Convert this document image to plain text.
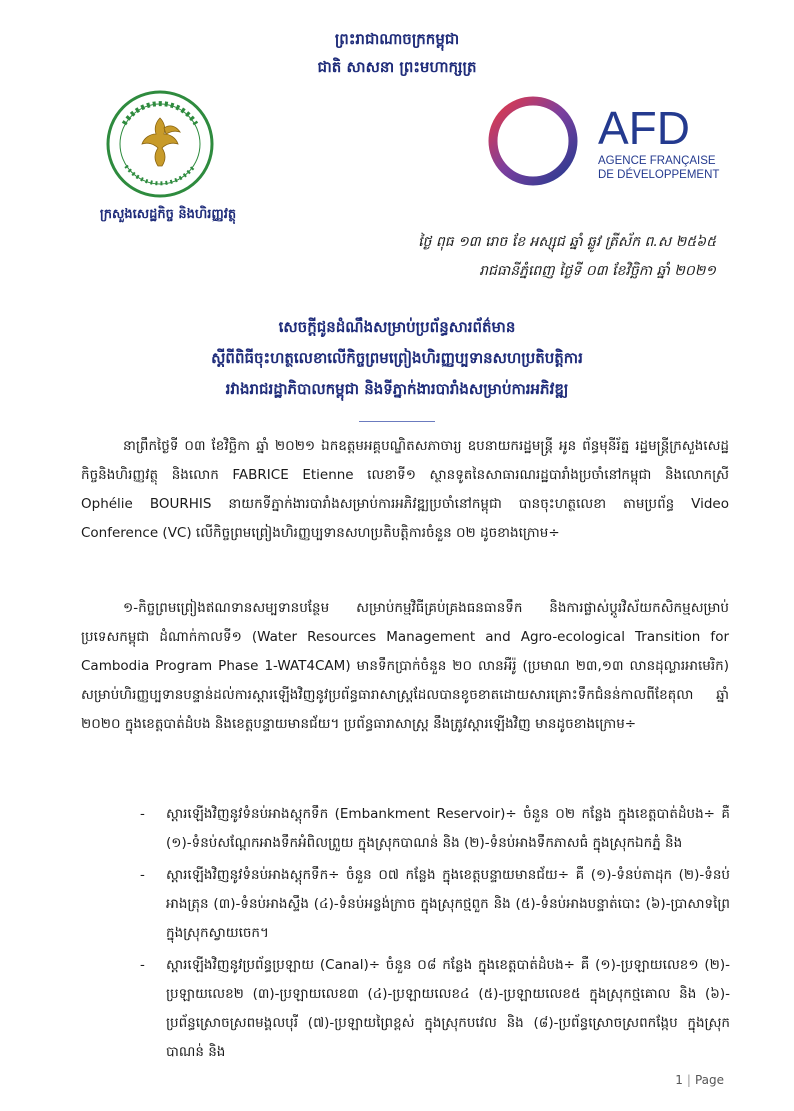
ព្រះរាជាណាចក្រកម្ពុជា
ជាតិ សាសនា ព្រះមហាក្សត្រ
ក្រសួងសេដ្ឋកិច្ច និងហិរញ្ញវត្ថុ
AFD
AGENCE FRANÇAISE
DE DÉVELOPPEMENT
ថ្ងៃ ពុធ ១៣ រោច ខែ អស្សុជ ឆ្នាំ ឆ្លូវ ត្រីស័ក ព.ស ២៥៦៥
រាជធានីភ្នំពេញ ថ្ងៃទី ០៣ ខែវិច្ឆិកា ឆ្នាំ ២០២១
សេចក្តីជូនដំណឹងសម្រាប់ប្រព័ន្ធសារព័ត៌មាន
ស្តីពីពិធីចុះហត្ថលេខាលើកិច្ចព្រមព្រៀងហិរញ្ញប្បទានសហប្រតិបត្តិការ
រវាងរាជរដ្ឋាភិបាលកម្ពុជា និងទីភ្នាក់ងារបារាំងសម្រាប់ការអភិវឌ្ឍ
នាព្រឹកថ្ងៃទី ០៣ ខែវិច្ឆិកា ឆ្នាំ ២០២១ ឯកឧត្តមអគ្គបណ្ឌិតសភាចារ្យ ឧបនាយករដ្ឋមន្ត្រី អូន ព័ន្ធមុនីរ័ត្ន រដ្ឋមន្ត្រីក្រសួងសេដ្ឋកិច្ចនិងហិរញ្ញវត្ថុ និងលោក FABRICE Etienne លេខាទី១ ស្ថានទូតនៃសាធារណរដ្ឋបារាំងប្រចាំនៅកម្ពុជា និងលោកស្រី Ophélie BOURHIS នាយកទីភ្នាក់ងារបារាំងសម្រាប់ការអភិវឌ្ឍប្រចាំនៅកម្ពុជា បានចុះហត្ថលេខា តាមប្រព័ន្ធ Video Conference (VC) លើកិច្ចព្រមព្រៀងហិរញ្ញប្បទានសហប្រតិបត្តិការចំនួន ០២ ដូចខាងក្រោម÷
១-កិច្ចព្រមព្រៀងឥណទានសម្បទានបន្ថែម សម្រាប់កម្មវិធីគ្រប់គ្រងធនធានទឹក និងការផ្លាស់ប្តូរវិស័យកសិកម្មសម្រាប់ប្រទេសកម្ពុជា ដំណាក់កាលទី១ (Water Resources Management and Agro-ecological Transition for Cambodia Program Phase 1-WAT4CAM) មានទឹកប្រាក់ចំនួន ២០ លានអឺរ៉ូ (ប្រមាណ ២៣,១៣ លានដុល្លារអាមេរិក) សម្រាប់ហិរញ្ញប្បទានបន្ទាន់ដល់ការស្តារឡើងវិញនូវប្រព័ន្ធធារាសាស្ត្រដែលបានខូចខាតដោយសារគ្រោះទឹកជំនន់កាលពីខែតុលា ឆ្នាំ ២០២០ ក្នុងខេត្តបាត់ដំបង និងខេត្តបន្ទាយមានជ័យ។ ប្រព័ន្ធធារាសាស្ត្រ នឹងត្រូវស្តារឡើងវិញ មានដូចខាងក្រោម÷
- ស្តារឡើងវិញនូវទំនប់អាងស្តុកទឹក (Embankment Reservoir)÷ ចំនួន ០២ កន្លែង ក្នុងខេត្តបាត់ដំបង÷ គឺ (១)-ទំនប់សណ្តែកអាងទឹកអំពិលព្រួយ ក្នុងស្រុកបាណន់ និង (២)-ទំនប់អាងទឹកភាសធំ ក្នុងស្រុកឯកភ្នំ និង
- ស្តារឡើងវិញនូវទំនប់អាងស្តុកទឹក÷ ចំនួន ០៧ កន្លែង ក្នុងខេត្តបន្ទាយមានជ័យ÷ គឺ (១)-ទំនប់តាដុក (២)-ទំនប់អាងត្រុន (៣)-ទំនប់អាងស្ទឹង (៤)-ទំនប់អន្លង់ក្រាច ក្នុងស្រុកថ្មពួក និង (៥)-ទំនប់អាងបន្ទាត់បោះ (៦)-ប្រាសាទព្រៃ ក្នុងស្រុកស្វាយចេក។
- ស្តារឡើងវិញនូវប្រព័ន្ធប្រឡាយ (Canal)÷ ចំនួន ០៨ កន្លែង ក្នុងខេត្តបាត់ដំបង÷ គឺ (១)-ប្រឡាយលេខ១ (២)-ប្រឡាយលេខ២ (៣)-ប្រឡាយលេខ៣ (៤)-ប្រឡាយលេខ៤ (៥)-ប្រឡាយលេខ៥ ក្នុងស្រុកថ្មគោល និង (៦)-ប្រព័ន្ធស្រោចស្រពមង្គលបុរី (៧)-ប្រឡាយព្រៃខ្ពស់ ក្នុងស្រុកបវេល និង (៨)-ប្រព័ន្ធស្រោចស្រពកង្កែប ក្នុងស្រុកបាណន់ និង
1 | Page
